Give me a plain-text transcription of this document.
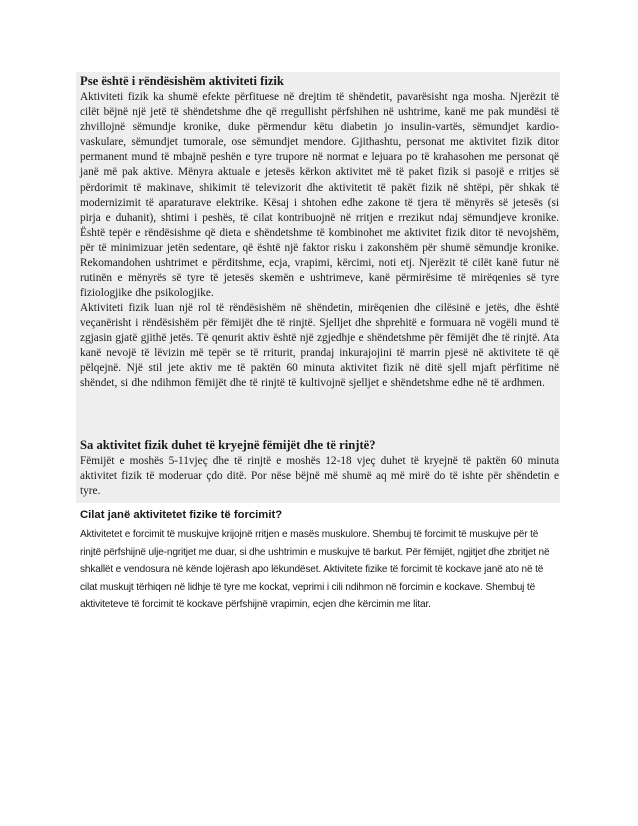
Pse është i rëndësishëm aktiviteti fizik

Aktiviteti fizik ka shumë efekte përfituese në drejtim të shëndetit, pavarësisht nga mosha. Njerëzit të cilët bëjnë një jetë të shëndetshme dhe që rregullisht përfshihen në ushtrime, kanë me pak mundësi të zhvillojnë sëmundje kronike, duke përmendur këtu diabetin jo insulin-vartës, sëmundjet kardio-vaskulare, sëmundjet tumorale, ose sëmundjet mendore. Gjithashtu, personat me aktivitet fizik ditor permanent mund të mbajnë peshën e tyre trupore në normat e lejuara po të krahasohen me personat që janë më pak aktive. Mënyra aktuale e jetesës kërkon aktivitet më të paket fizik si pasojë e rritjes së përdorimit të makinave, shikimit të televizorit dhe aktivitetit të pakët fizik në shtëpi, për shkak të modernizimit të aparaturave elektrike. Kësaj i shtohen edhe zakone të tjera të mënyrës së jetesës (si pirja e duhanit), shtimi i peshës, të cilat kontribuojnë në rritjen e rrezikut ndaj sëmundjeve kronike. Është tepër e rëndësishme që dieta e shëndetshme të kombinohet me aktivitet fizik ditor të nevojshëm, për të minimizuar jetën sedentare, që është një faktor risku i zakonshëm për shumë sëmundje kronike. Rekomandohen ushtrimet e përditshme, ecja, vrapimi, kërcimi, noti etj. Njerëzit të cilët kanë futur në rutinën e mënyrës së tyre të jetesës skemën e ushtrimeve, kanë përmirësime të mirëqenies së tyre fiziologjike dhe psikologjike.

Aktiviteti fizik luan një rol të rëndësishëm në shëndetin, mirëqenien dhe cilësinë e jetës, dhe është veçanërisht i rëndësishëm për fëmijët dhe të rinjtë. Sjelljet dhe shprehitë e formuara në vogëli mund të zgjasin gjatë gjithë jetës. Të qenurit aktiv është një zgjedhje e shëndetshme për fëmijët dhe të rinjtë. Ata kanë nevojë të lëvizin më tepër se të rriturit, prandaj inkurajojini të marrin pjesë në aktivitete të qё pëlqejnë. Një stil jete aktiv me të paktën 60 minuta aktivitet fizik në ditë sjell mjaft përfitime në shëndet, si dhe ndihmon fëmijët dhe të rinjtë të kultivojnë sjelljet e shëndetshme edhe në të ardhmen.

Sa aktivitet fizik duhet të kryejnë fëmijët dhe të rinjtë?

Fëmijët e moshës 5-11vjeç dhe të rinjtë e moshës 12-18 vjeç duhet të kryejnë të paktën 60 minuta aktivitet fizik të moderuar çdo ditë. Por nëse bëjnë më shumë aq më mirë do të ishte për shëndetin e tyre.

Cilat janë aktivitetet fizike të forcimit?

Aktivitetet e forcimit të muskujve krijojnë rritjen e masës muskulore. Shembuj të forcimit të muskujve për të rinjtë përfshijnë ulje-ngritjet me duar, si dhe ushtrimin e muskujve të barkut. Për fëmijët, ngjitjet dhe zbritjet në shkallët e vendosura në kënde lojërash apo lëkundëset. Aktivitete fizike të forcimit të kockave janë ato në të cilat muskujt tërhiqen në lidhje të tyre me kockat, veprimi i cili ndihmon në forcimin e kockave. Shembuj të aktiviteteve të forcimit të kockave përfshijnë vrapimin, ecjen dhe kërcimin me litar.
